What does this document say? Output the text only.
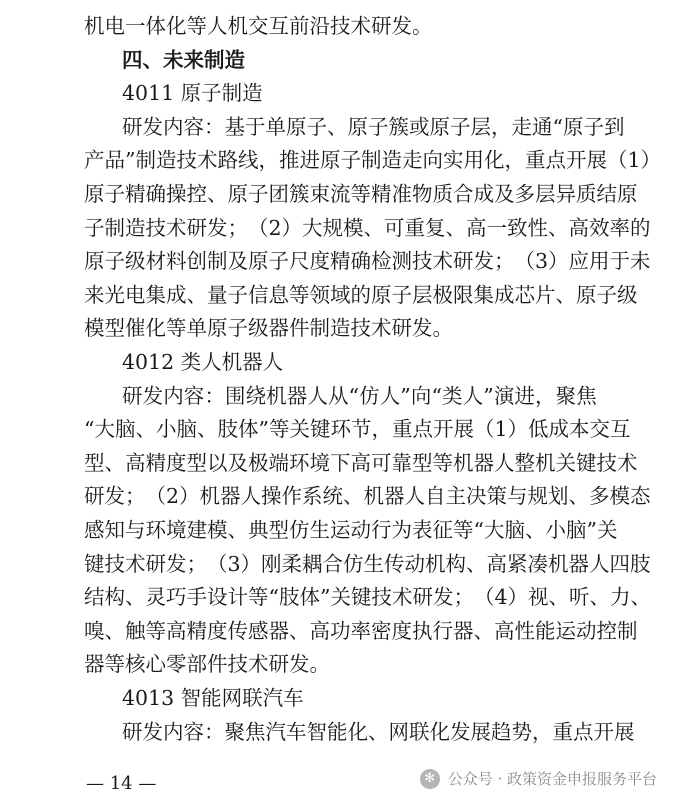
机电一体化等人机交互前沿技术研发。
四、未来制造
4011 原子制造
研 发 内 容 ： 基 于 单 原 子 、 原 子 簇 或 原 子 层 ， 走 通 “ 原 子 到
产 品 ” 制 造 技 术 路 线 ， 推 进 原 子 制 造 走 向 实 用 化 ， 重 点 开 展 （ 1 ）
原 子 精 确 操 控 、 原 子 团 簇 束 流 等 精 准 物 质 合 成 及 多 层 异 质 结 原
子 制 造 技 术 研 发 ； （ 2 ） 大 规 模 、 可 重 复 、 高 一 致 性 、 高 效 率 的
原 子 级 材 料 创 制 及 原 子 尺 度 精 确 检 测 技 术 研 发 ； （ 3 ） 应 用 于 未
来 光 电 集 成 、 量 子 信 息 等 领 域 的 原 子 层 极 限 集 成 芯 片 、 原 子 级
模型催化等单原子级器件制造技术研发。
4012 类人机器人
研 发 内 容 ： 围 绕 机 器 人 从 “ 仿 人 ” 向 “ 类 人 ” 演 进 ， 聚 焦
“ 大 脑 、 小 脑 、 肢 体 ” 等 关 键 环 节 ， 重 点 开 展 （ 1 ） 低 成 本 交 互
型 、 高 精 度 型 以 及 极 端 环 境 下 高 可 靠 型 等 机 器 人 整 机 关 键 技 术
研 发 ； （ 2 ） 机 器 人 操 作 系 统 、 机 器 人 自 主 决 策 与 规 划 、 多 模 态
感 知 与 环 境 建 模 、 典 型 仿 生 运 动 行 为 表 征 等 “ 大 脑 、 小 脑 ” 关
键 技 术 研 发 ； （ 3 ） 刚 柔 耦 合 仿 生 传 动 机 构 、 高 紧 凑 机 器 人 四 肢
结 构 、 灵 巧 手 设 计 等 “ 肢 体 ” 关 键 技 术 研 发 ； （ 4 ） 视 、 听 、 力 、
嗅 、 触 等 高 精 度 传 感 器 、 高 功 率 密 度 执 行 器 、 高 性 能 运 动 控 制
器等核心零部件技术研发。
4013 智能网联汽车
研 发 内 容 ： 聚 焦 汽 车 智 能 化 、 网 联 化 发 展 趋 势 ， 重 点 开 展
— 14 —	✻ 公众号 · 政策资金申报服务平台
